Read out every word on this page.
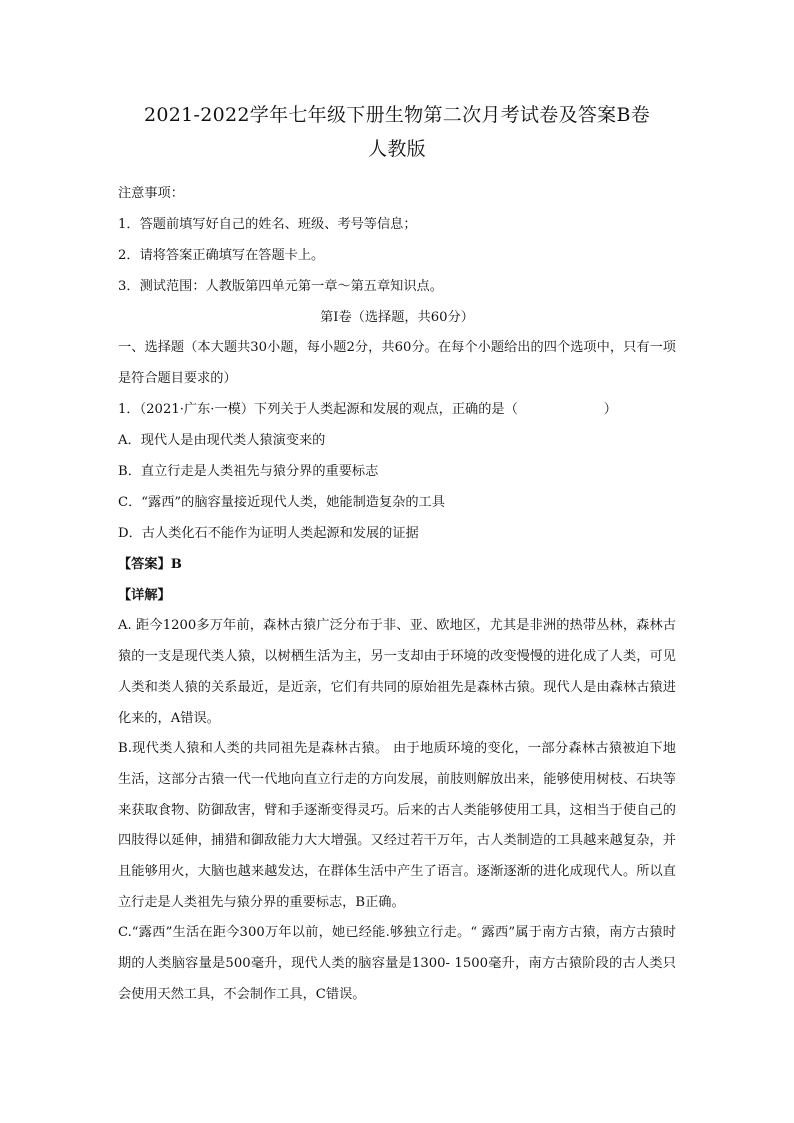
2021-2022学年七年级下册生物第二次月考试卷及答案B卷
人教版

注意事项：

1．答题前填写好自己的姓名、班级、考号等信息；

2．请将答案正确填写在答题卡上。

3．测试范围：人教版第四单元第一章～第五章知识点。

第I卷（选择题，共60分）

一、选择题（本大题共30小题，每小题2分，共60分。在每个小题给出的四个选项中，只有一项是符合题目要求的）

1．（2021·广东·一模）下列关于人类起源和发展的观点，正确的是（	）

A．现代人是由现代类人猿演变来的

B．直立行走是人类祖先与猿分界的重要标志

C．“露西”的脑容量接近现代人类，她能制造复杂的工具

D．古人类化石不能作为证明人类起源和发展的证据

【答案】B

【详解】

A. 距今1200多万年前，森林古猿广泛分布于非、亚、欧地区，尤其是非洲的热带丛林，森林古猿的一支是现代类人猿，以树栖生活为主，另一支却由于环境的改变慢慢的进化成了人类，可见人类和类人猿的关系最近，是近亲，它们有共同的原始祖先是森林古猿。现代人是由森林古猿进化来的，A错误。

B.现代类人猿和人类的共同祖先是森林古猿。 由于地质环境的变化，一部分森林古猿被迫下地生活，这部分古猿一代一代地向直立行走的方向发展，前肢则解放出来，能够使用树枝、石块等来获取食物、防御敌害，臂和手逐渐变得灵巧。后来的古人类能够使用工具，这相当于使自己的四肢得以延伸，捕猎和御敌能力大大增强。又经过若干万年，古人类制造的工具越来越复杂，并且能够用火，大脑也越来越发达，在群体生活中产生了语言。逐渐逐渐的进化成现代人。所以直立行走是人类祖先与猿分界的重要标志，B正确。

C.“露西”生活在距今300万年以前，她已经能.够独立行走。“ 露西”属于南方古猿，南方古猿时期的人类脑容量是500毫升，现代人类的脑容量是1300- 1500毫升，南方古猿阶段的古人类只会使用天然工具，不会制作工具，C错误。
